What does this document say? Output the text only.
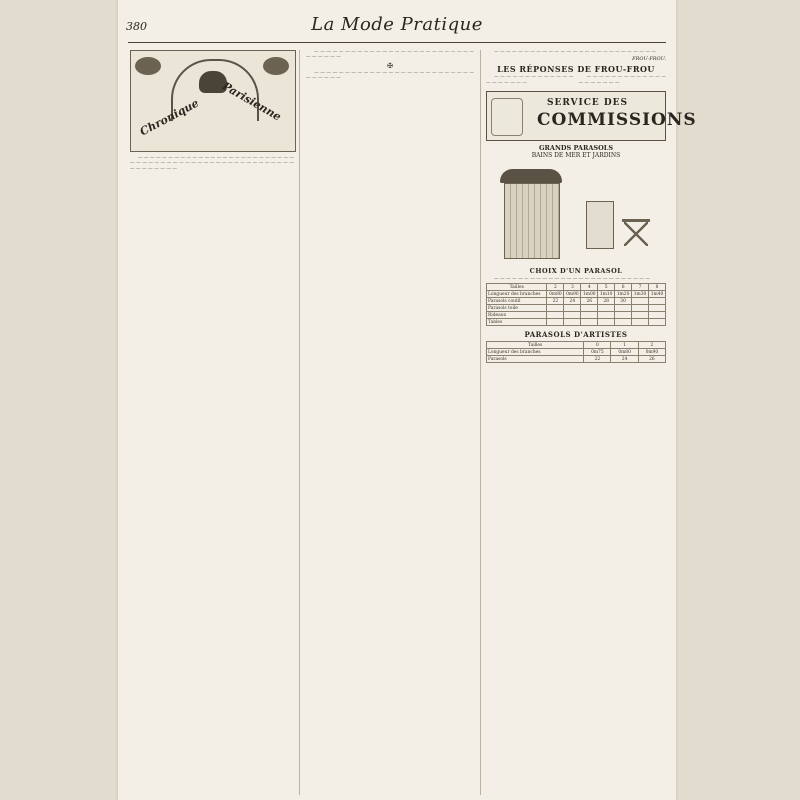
380	La Mode Pratique
Chronique Parisienne

— — — — — — — — — — — — — — — — — — — — — — — — — — — — — — — — — — — — — — — — — — — — — — — — — — — — — — — — — — — — —

— — — — — — — — — — — — — — — — — — — — — — — — — — — — — — — —

✠

— — — — — — — — — — — — — — — — — — — — — — — — — — — — — — — —

— — — — — — — — — — — — — — — — — — — — — — — — — — —

FROU-FROU.
LES RÉPONSES DE FROU-FROU

— — — — — — — — — — — — — — — — — — — —

— — — — — — — — — — — — — — — — — — — —

SERVICE DES
COMMISSIONS
GRANDS PARASOLS
BAINS DE MER ET JARDINS
CHOIX D'UN PARASOL

— — — — — — — — — — — — — — — — — — — — — — — — — —

Tailles	2	3	4	5	6	7	8
Longueur des branches	0m80	0m90	1m00	1m10	1m20	1m30	1m40
Parasols coutil	22	24	26	28	30		
Parasols toile							
Rideaux							
Tables							
PARASOLS D'ARTISTES
Tailles	0	1	2
Longueur des branches	0m75	0m80	0m90
Parasols	22	24	26
